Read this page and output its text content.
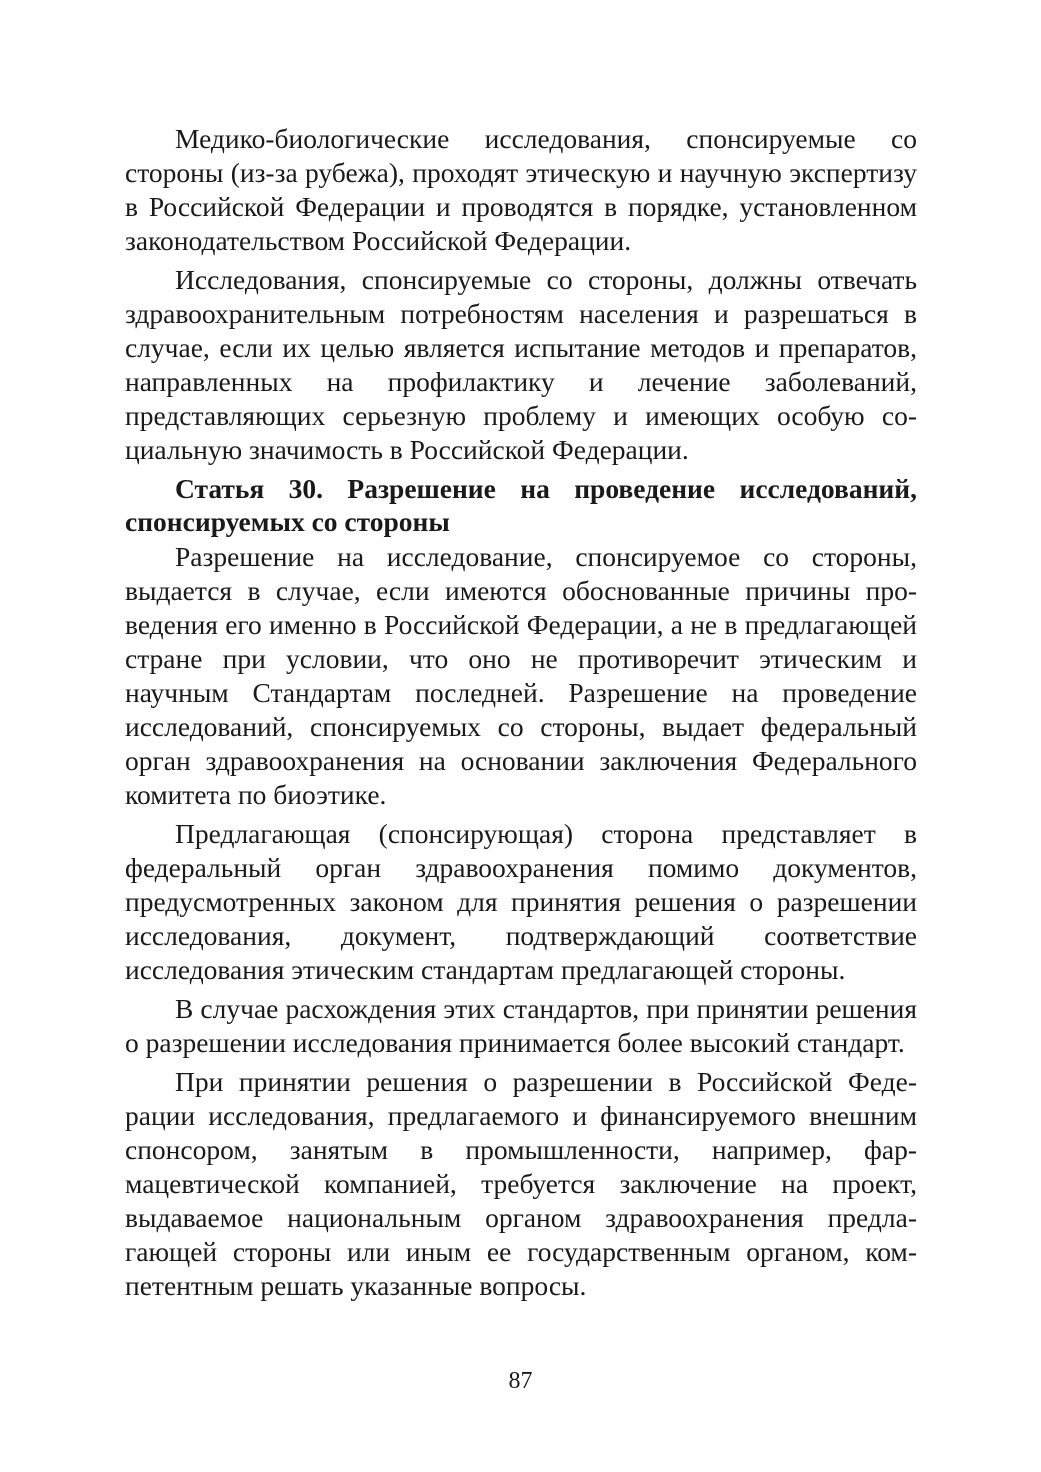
Медико-биологические исследования, спонсируемые со стороны (из-за рубежа), проходят этическую и научную экспертизу в Российской Федерации и проводятся в порядке, установленном законодательством Российской Федерации.

Исследования, спонсируемые со стороны, должны отвечать здравоохранительным потребностям населения и разрешаться в случае, если их целью является испытание методов и препаратов, направленных на профилактику и лечение заболеваний, представляющих серьезную проблему и имеющих особую социальную значимость в Российской Федерации.

Статья 30. Разрешение на проведение исследований, спонсируемых со стороны

Разрешение на исследование, спонсируемое со стороны, выдается в случае, если имеются обоснованные причины проведения его именно в Российской Федерации, а не в предлагающей стране при условии, что оно не противоречит этическим и научным Стандартам последней. Разрешение на проведение исследований, спонсируемых со стороны, выдает федеральный орган здравоохранения на основании заключения Федерального комитета по биоэтике.

Предлагающая (спонсирующая) сторона представляет в федеральный орган здравоохранения помимо документов, предусмотренных законом для принятия решения о разрешении исследования, документ, подтверждающий соответствие исследования этическим стандартам предлагающей стороны.

В случае расхождения этих стандартов, при принятии решения о разрешении исследования принимается более высокий стандарт.

При принятии решения о разрешении в Российской Федерации исследования, предлагаемого и финансируемого внешним спонсором, занятым в промышленности, например, фармацевтической компанией, требуется заключение на проект, выдаваемое национальным органом здравоохранения предлагающей стороны или иным ее государственным органом, компетентным решать указанные вопросы.

87
